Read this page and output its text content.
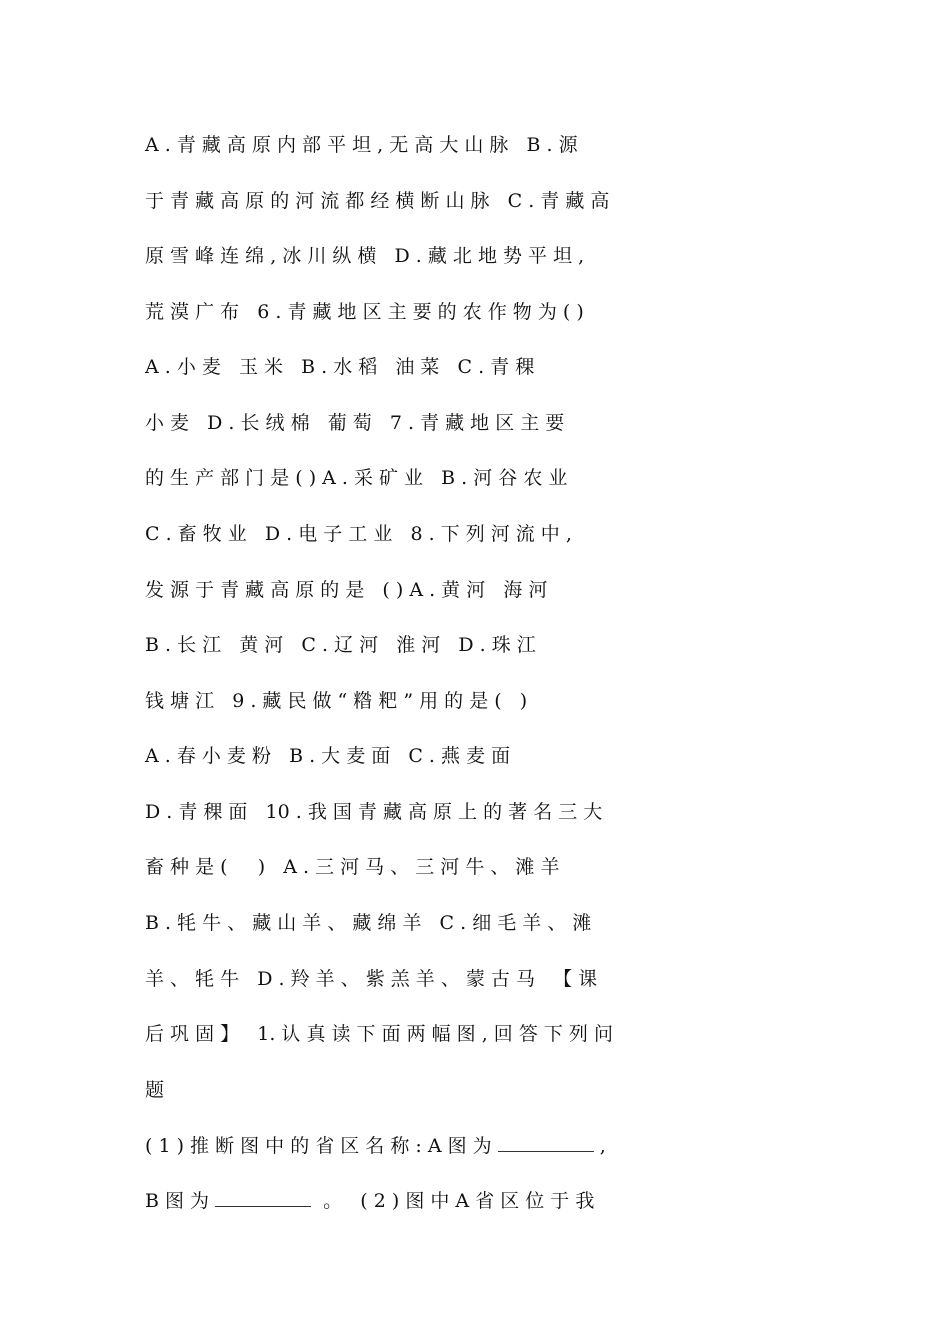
A . 青 藏 高 原 内 部 平 坦 , 无 高 大 山 脉   B . 源
于 青 藏 高 原 的 河 流 都 经 横 断 山 脉   C . 青 藏 高
原 雪 峰 连 绵 , 冰 川 纵 横   D . 藏 北 地 势 平 坦 ,
荒 漠 广 布   6 . 青 藏 地 区 主 要 的 农 作 物 为 ( )
A . 小 麦   玉 米   B . 水 稻   油 菜   C . 青 稞
小 麦   D . 长 绒 棉   葡 萄   7 . 青 藏 地 区 主 要
的 生 产 部 门 是 ( ) A . 采 矿 业   B . 河 谷 农 业
C . 畜 牧 业   D . 电 子 工 业   8 . 下 列 河 流 中 ,
发 源 于 青 藏 高 原 的 是   ( ) A . 黄 河   海 河
B . 长 江   黄 河   C . 辽 河   淮 河   D . 珠 江
钱 塘 江   9 . 藏 民 做 “ 糌 粑 ” 用 的 是 (   )
A . 春 小 麦 粉   B . 大 麦 面   C . 燕 麦 面
D . 青 稞 面   10 . 我 国 青 藏 高 原 上 的 著 名 三 大
畜 种 是 (     )   A . 三 河 马 、 三 河 牛 、 滩 羊
B . 牦 牛 、 藏 山 羊 、 藏 绵 羊   C . 细 毛 羊 、 滩
羊 、 牦 牛   D . 羚 羊 、 紫 羔 羊 、 蒙 古 马   【 课
后 巩 固 】   1. 认 真 读 下 面 两 幅 图 , 回 答 下 列 问
题
( 1 ) 推 断 图 中 的 省 区 名 称 : A 图 为	,
B 图 为	。   ( 2 ) 图 中 A 省 区 位 于 我
